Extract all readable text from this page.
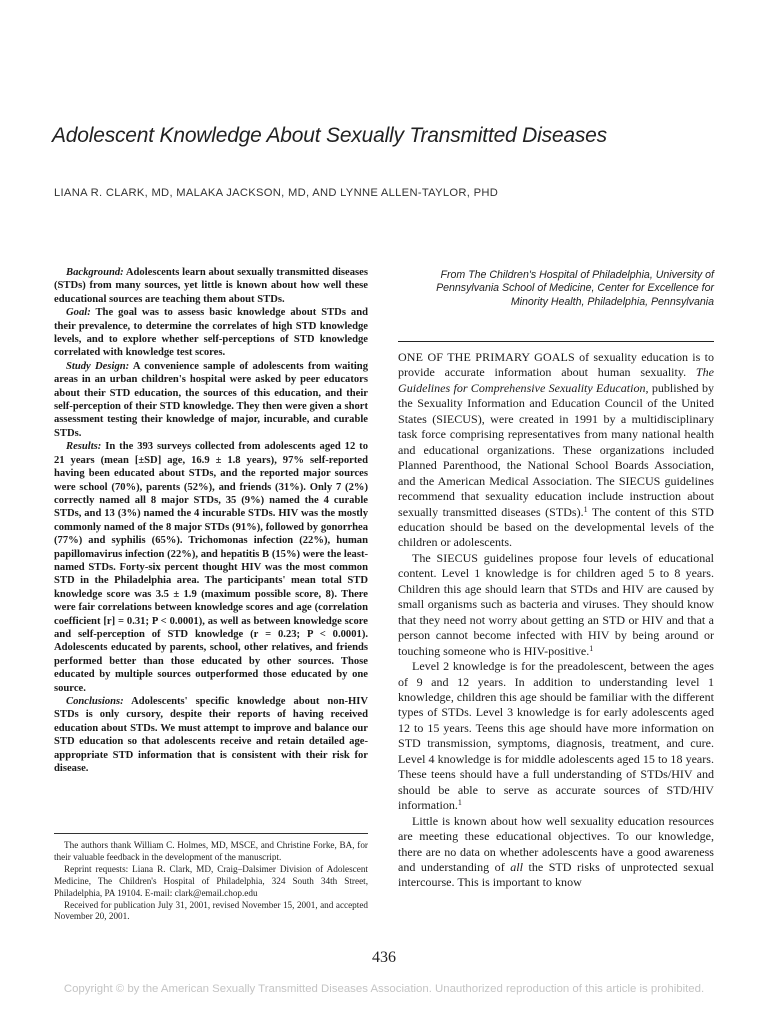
Adolescent Knowledge About Sexually Transmitted Diseases
LIANA R. CLARK, MD, MALAKA JACKSON, MD, AND LYNNE ALLEN-TAYLOR, PHD

Background: Adolescents learn about sexually transmitted diseases (STDs) from many sources, yet little is known about how well these educational sources are teaching them about STDs.

Goal: The goal was to assess basic knowledge about STDs and their prevalence, to determine the correlates of high STD knowledge levels, and to explore whether self-perceptions of STD knowledge correlated with knowledge test scores.

Study Design: A convenience sample of adolescents from waiting areas in an urban children's hospital were asked by peer educators about their STD education, the sources of this education, and their self-perception of their STD knowledge. They then were given a short assessment testing their knowledge of major, incurable, and curable STDs.

Results: In the 393 surveys collected from adolescents aged 12 to 21 years (mean [±SD] age, 16.9 ± 1.8 years), 97% self-reported having been educated about STDs, and the reported major sources were school (70%), parents (52%), and friends (31%). Only 7 (2%) correctly named all 8 major STDs, 35 (9%) named the 4 curable STDs, and 13 (3%) named the 4 incurable STDs. HIV was the mostly commonly named of the 8 major STDs (91%), followed by gonorrhea (77%) and syphilis (65%). Trichomonas infection (22%), human papillomavirus infection (22%), and hepatitis B (15%) were the least-named STDs. Forty-six percent thought HIV was the most common STD in the Philadelphia area. The participants' mean total STD knowledge score was 3.5 ± 1.9 (maximum possible score, 8). There were fair correlations between knowledge scores and age (correlation coefficient [r] = 0.31; P < 0.0001), as well as between knowledge score and self-perception of STD knowledge (r = 0.23; P < 0.0001). Adolescents educated by parents, school, other relatives, and friends performed better than those educated by other sources. Those educated by multiple sources outperformed those educated by one source.

Conclusions: Adolescents' specific knowledge about non-HIV STDs is only cursory, despite their reports of having received education about STDs. We must attempt to improve and balance our STD education so that adolescents receive and retain detailed age-appropriate STD information that is consistent with their risk for disease.

From The Children's Hospital of Philadelphia, University of Pennsylvania School of Medicine, Center for Excellence for Minority Health, Philadelphia, Pennsylvania

ONE OF THE PRIMARY GOALS of sexuality education is to provide accurate information about human sexuality. The Guidelines for Comprehensive Sexuality Education, published by the Sexuality Information and Education Council of the United States (SIECUS), were created in 1991 by a multidisciplinary task force comprising representatives from many national health and educational organizations. These organizations included Planned Parenthood, the National School Boards Association, and the American Medical Association. The SIECUS guidelines recommend that sexuality education include instruction about sexually transmitted diseases (STDs).$^1$ The content of this STD education should be based on the developmental levels of the children or adolescents.

The SIECUS guidelines propose four levels of educational content. Level 1 knowledge is for children aged 5 to 8 years. Children this age should learn that STDs and HIV are caused by small organisms such as bacteria and viruses. They should know that they need not worry about getting an STD or HIV and that a person cannot become infected with HIV by being around or touching someone who is HIV-positive.$^1$

Level 2 knowledge is for the preadolescent, between the ages of 9 and 12 years. In addition to understanding level 1 knowledge, children this age should be familiar with the different types of STDs. Level 3 knowledge is for early adolescents aged 12 to 15 years. Teens this age should have more information on STD transmission, symptoms, diagnosis, treatment, and cure. Level 4 knowledge is for middle adolescents aged 15 to 18 years. These teens should have a full understanding of STDs/HIV and should be able to serve as accurate sources of STD/HIV information.$^1$

Little is known about how well sexuality education resources are meeting these educational objectives. To our knowledge, there are no data on whether adolescents have a good awareness and understanding of all the STD risks of unprotected sexual intercourse. This is important to know

The authors thank William C. Holmes, MD, MSCE, and Christine Forke, BA, for their valuable feedback in the development of the manuscript.

Reprint requests: Liana R. Clark, MD, Craig–Dalsimer Division of Adolescent Medicine, The Children's Hospital of Philadelphia, 324 South 34th Street, Philadelphia, PA 19104. E-mail: clark@email.chop.edu

Received for publication July 31, 2001, revised November 15, 2001, and accepted November 20, 2001.

436
Copyright © by the American Sexually Transmitted Diseases Association. Unauthorized reproduction of this article is prohibited.
